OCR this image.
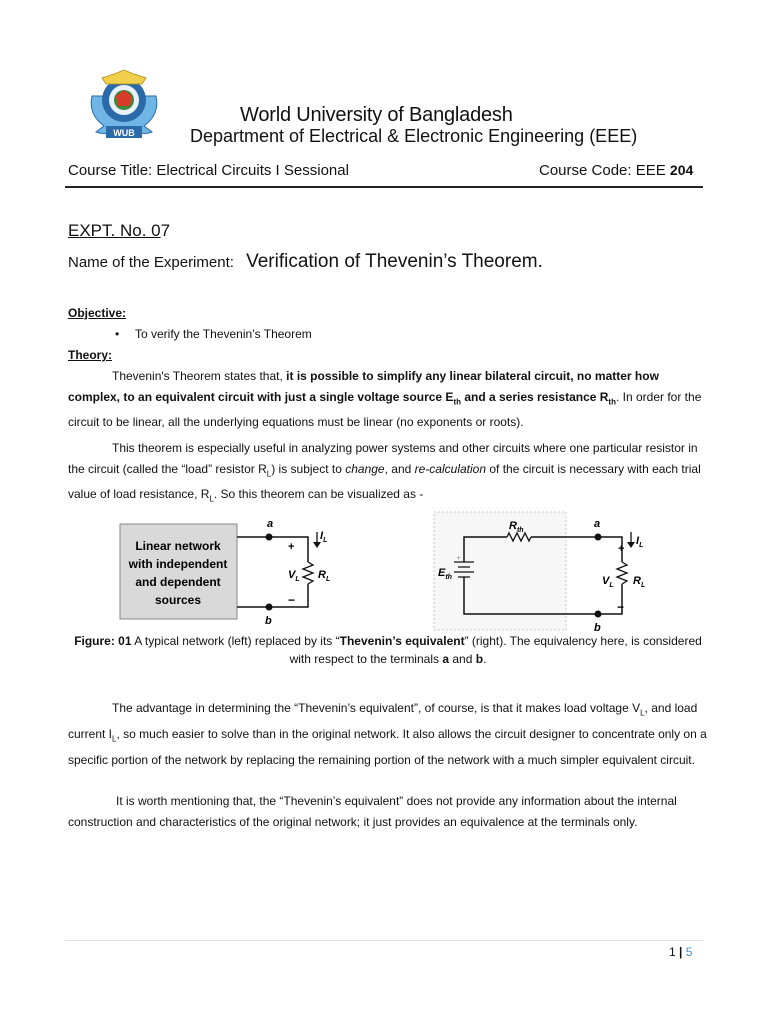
WUB
World University of Bangladesh
Department of Electrical & Electronic Engineering (EEE)
Course Title: Electrical Circuits I Sessional	Course Code: EEE 204
EXPT. No. 07
Name of the Experiment: Verification of Thevenin’s Theorem.
Objective:
• To verify the Thevenin’s Theorem
Theory:
Thevenin's Theorem states that, it is possible to simplify any linear bilateral circuit, no matter how complex, to an equivalent circuit with just a single voltage source $E_{th}$ and a series resistance $R_{th}$. In order for the circuit to be linear, all the underlying equations must be linear (no exponents or roots).
This theorem is especially useful in analyzing power systems and other circuits where one particular resistor in the circuit (called the “load” resistor $R_L$) is subject to change, and re-calculation of the circuit is necessary with each trial value of load resistance, $R_L$. So this theorem can be visualized as -
Linear network
with independent
and dependent
sources
a
b
+
−
$I_L$
$V_L$ $R_L$
+
$R_{th}$
$E_{th}$
a
b
+
−
$I_L$
$V_L$ $R_L$
Figure: 01 A typical network (left) replaced by its “Thevenin’s equivalent” (right). The equivalency here, is considered with respect to the terminals a and b.
The advantage in determining the “Thevenin’s equivalent”, of course, is that it makes load voltage $V_L$, and load current $I_L$, so much easier to solve than in the original network. It also allows the circuit designer to concentrate only on a specific portion of the network by replacing the remaining portion of the network with a much simpler equivalent circuit.
It is worth mentioning that, the “Thevenin’s equivalent” does not provide any information about the internal construction and characteristics of the original network; it just provides an equivalence at the terminals only.
1 | 5
